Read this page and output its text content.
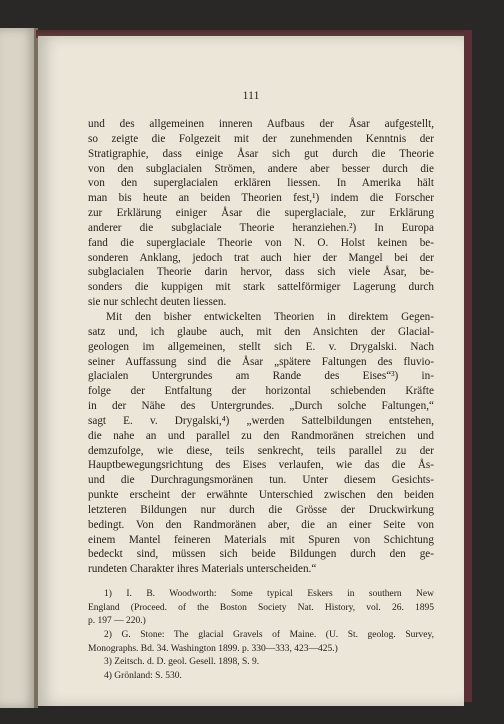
111
und des allgemeinen inneren Aufbaus der Åsar aufgestellt,
so zeigte die Folgezeit mit der zunehmenden Kenntnis der
Stratigraphie, dass einige Åsar sich gut durch die Theorie
von den subglacialen Strömen, andere aber besser durch die
von den superglacialen erklären liessen. In Amerika hält
man bis heute an beiden Theorien fest,¹) indem die Forscher
zur Erklärung einiger Åsar die superglaciale, zur Erklärung
anderer die subglaciale Theorie heranziehen.²) In Europa
fand die superglaciale Theorie von N. O. Holst keinen be-
sonderen Anklang, jedoch trat auch hier der Mangel bei der
subglacialen Theorie darin hervor, dass sich viele Åsar, be-
sonders die kuppigen mit stark sattelförmiger Lagerung durch
sie nur schlecht deuten liessen.
Mit den bisher entwickelten Theorien in direktem Gegen-
satz und, ich glaube auch, mit den Ansichten der Glacial-
geologen im allgemeinen, stellt sich E. v. Drygalski. Nach
seiner Auffassung sind die Åsar „spätere Faltungen des fluvio-
glacialen Untergrundes am Rande des Eises“³) in-
folge der Entfaltung der horizontal schiebenden Kräfte
in der Nähe des Untergrundes. „Durch solche Faltungen,“
sagt E. v. Drygalski,⁴) „werden Sattelbildungen entstehen,
die nahe an und parallel zu den Randmoränen streichen und
demzufolge, wie diese, teils senkrecht, teils parallel zu der
Hauptbewegungsrichtung des Eises verlaufen, wie das die Ås-
und die Durchragungsmoränen tun. Unter diesem Gesichts-
punkte erscheint der erwähnte Unterschied zwischen den beiden
letzteren Bildungen nur durch die Grösse der Druckwirkung
bedingt. Von den Randmoränen aber, die an einer Seite von
einem Mantel feineren Materials mit Spuren von Schichtung
bedeckt sind, müssen sich beide Bildungen durch den ge-
rundeten Charakter ihres Materials unterscheiden.“
1) I. B. Woodworth: Some typical Eskers in southern New
England (Proceed. of the Boston Society Nat. History, vol. 26. 1895
p. 197 — 220.)
2) G. Stone: The glacial Gravels of Maine. (U. St. geolog. Survey,
Monographs. Bd. 34. Washington 1899. p. 330—333, 423—425.)
3) Zeitsch. d. D. geol. Gesell. 1898, S. 9.
4) Grönland: S. 530.
